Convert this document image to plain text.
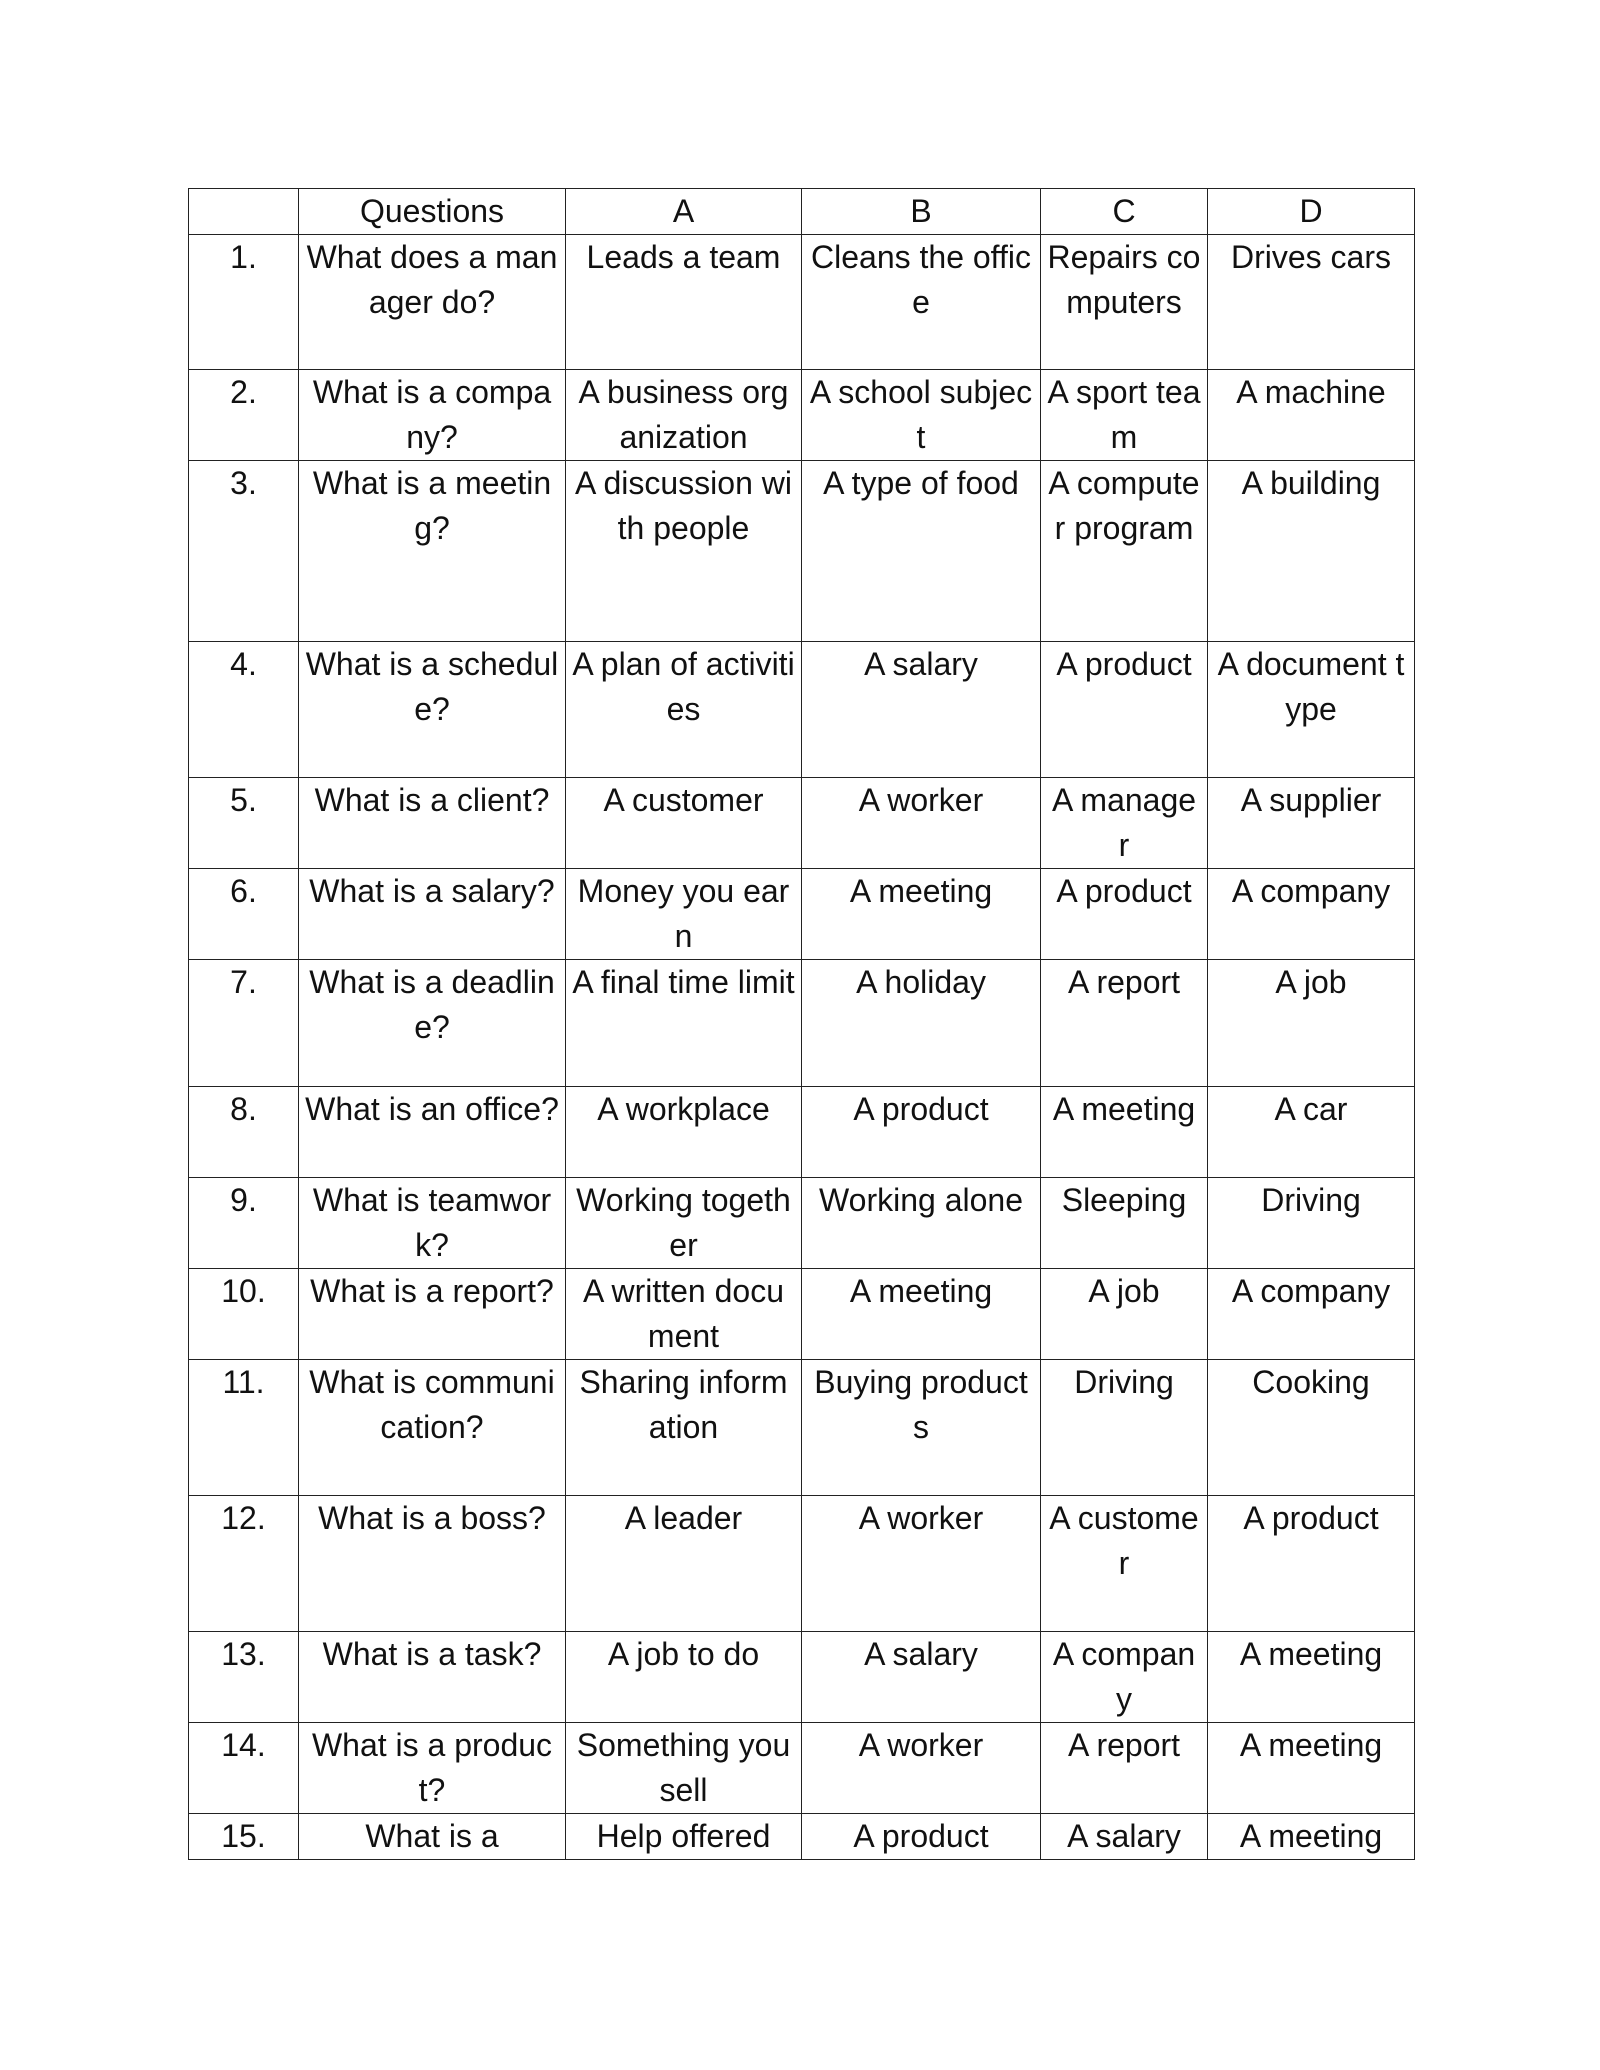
	Questions	A	B	C	D
1.	What does a manager do?	Leads a team	Cleans the office	Repairs computers	Drives cars
2.	What is a company?	A business organization	A school subject	A sport team	A machine
3.	What is a meeting?	A discussion with people	A type of food	A computer program	A building
4.	What is a schedule?	A plan of activities	A salary	A product	A document type
5.	What is a client?	A customer	A worker	A manager	A supplier
6.	What is a salary?	Money you earn	A meeting	A product	A company
7.	What is a deadline?	A final time limit	A holiday	A report	A job
8.	What is an office?	A workplace	A product	A meeting	A car
9.	What is teamwork?	Working together	Working alone	Sleeping	Driving
10.	What is a report?	A written document	A meeting	A job	A company
11.	What is communication?	Sharing information	Buying products	Driving	Cooking
12.	What is a boss?	A leader	A worker	A customer	A product
13.	What is a task?	A job to do	A salary	A company	A meeting
14.	What is a product?	Something you sell	A worker	A report	A meeting
15.	What is a	Help offered	A product	A salary	A meeting
